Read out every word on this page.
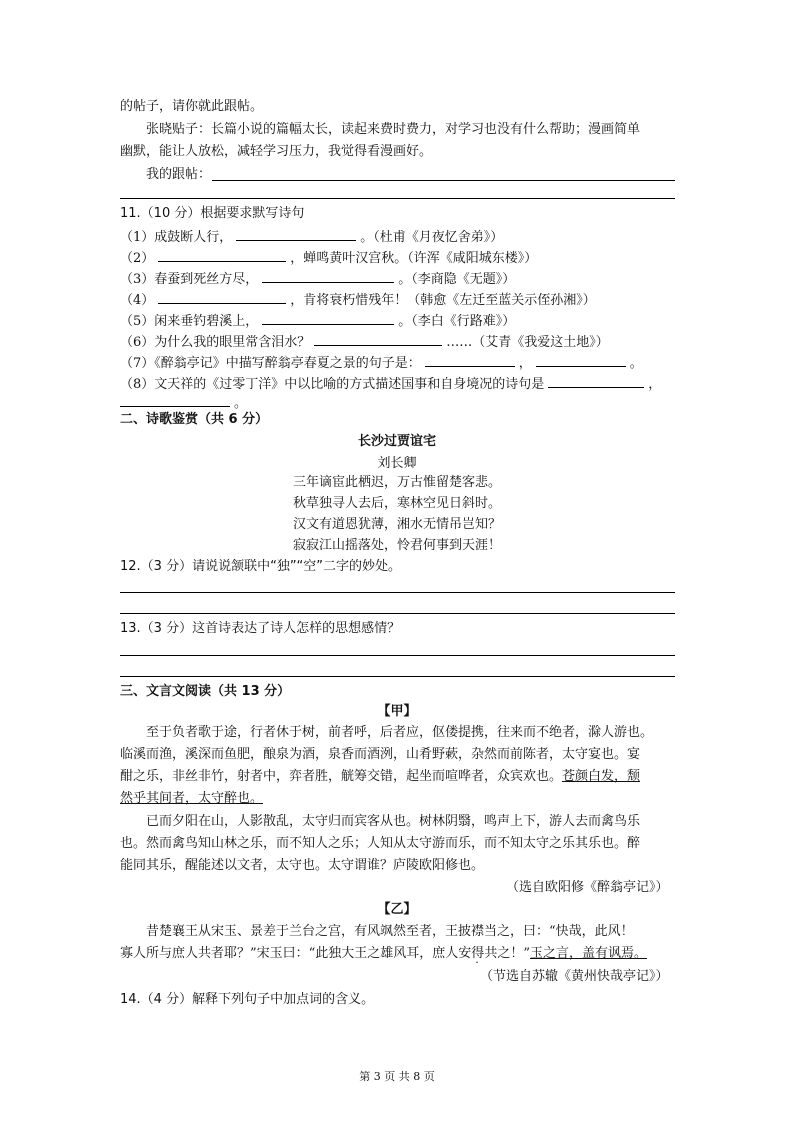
的帖子，请你就此跟帖。
张晓贴子：长篇小说的篇幅太长，读起来费时费力，对学习也没有什么帮助；漫画简单
幽默，能让人放松，减轻学习压力，我觉得看漫画好。
我的跟帖：
11.（10 分）根据要求默写诗句
（1）成鼓断人行，	。（杜甫《月夜忆舍弟》）
（2）	，蝉鸣黄叶汉宫秋。（许浑《咸阳城东楼》）
（3）春蚕到死丝方尽，	。（李商隐《无题》）
（4）	，肯将衰朽惜残年！（韩愈《左迁至蓝关示侄孙湘》）
（5）闲来垂钓碧溪上，	。（李白《行路难》）
（6）为什么我的眼里常含泪水？	……（艾青《我爱这土地》）
（7）《醉翁亭记》中描写醉翁亭春夏之景的句子是：	，	。
（8）文天祥的《过零丁洋》中以比喻的方式描述国事和自身境况的诗句是	，
。
二、诗歌鉴赏（共 6 分）
长沙过贾谊宅
刘长卿
三年谪宦此栖迟，万古惟留楚客悲。
秋草独寻人去后，寒林空见日斜时。
汉文有道恩犹薄，湘水无情吊岂知？
寂寂江山摇落处，怜君何事到天涯！
12.（3 分）请说说颔联中“独”“空”二字的妙处。
13.（3 分）这首诗表达了诗人怎样的思想感情？
三、文言文阅读（共 13 分）
【甲】
至于负者歌于途，行者休于树，前者呼，后者应，伛偻提携，往来而不绝者，滁人游也。
临溪而渔，溪深而鱼肥，酿泉为酒，泉香而酒洌，山肴野蔌，杂然而前陈者，太守宴也。宴
酣之乐，非丝非竹，射者中，弈者胜，觥筹交错，起坐而喧哗者，众宾欢也。苍颜白发，颓
然乎其间者，太守醉也。
已而夕阳在山，人影散乱，太守归而宾客从也。树林阴翳，鸣声上下，游人去而禽鸟乐
也。然而禽鸟知山林之乐，而不知人之乐；人知从太守游而乐，而不知太守之乐其乐也。醉
能同其乐，醒能述以文者，太守也。太守谓谁？庐陵欧阳修也。
（选自欧阳修《醉翁亭记》）
【乙】
昔楚襄王从宋玉、景差于兰台之宫，有风飒然至者，王披襟当之，曰：“快哉，此风！
寡人所与庶人共者耶？”宋玉曰：“此独大王之雄风耳，庶人安得共之！”玉之言，盖有讽焉。
（节选自苏辙《黄州快哉亭记》）
14.（4 分）解释下列句子中加点词的含义。
第 3 页 共 8 页
